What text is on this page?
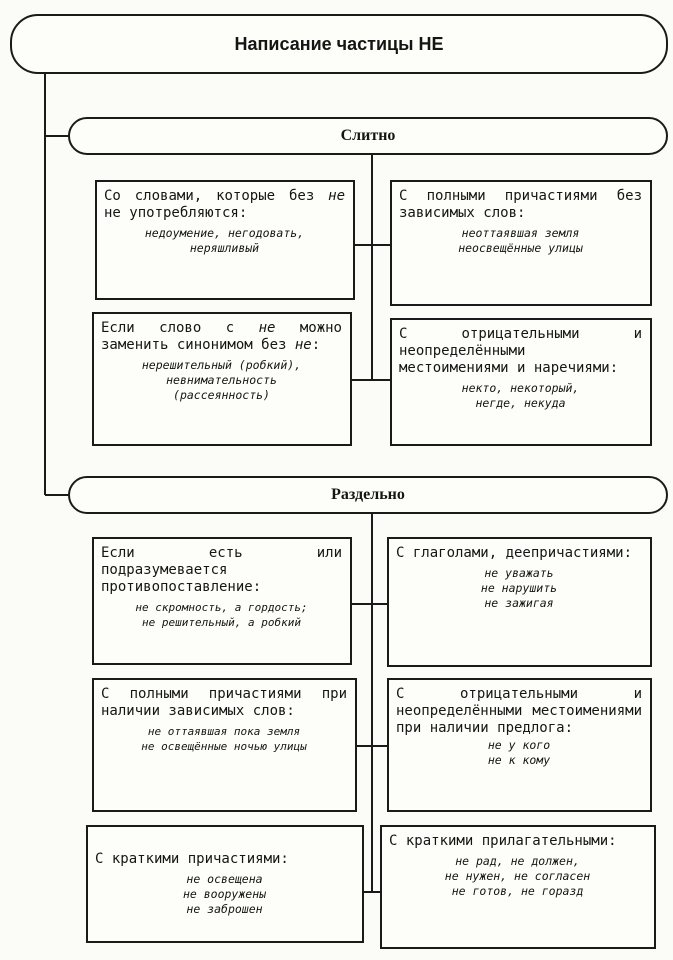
Написание частицы НЕ
Слитно
Со словами, которые без не не употребляются:
недоумение, негодовать,
неряшливый
С полными причастиями без зависимых слов:
неоттаявшая земля
неосвещённые улицы
Если слово с не можно заменить синонимом без не:
нерешительный (робкий),
невнимательность
(рассеянность)
С отрицательными и неопределёнными местоимениями и наречиями:
некто, некоторый,
негде, некуда
Раздельно
Если есть или подразумевается противопоставление:
не скромность, а гордость;
не решительный, а робкий
С глаголами, деепричастиями:
не уважать
не нарушить
не зажигая
С полными причастиями при наличии зависимых слов:
не оттаявшая пока земля
не освещённые ночью улицы
С отрицательными и неопределёнными местоимениями при наличии предлога:
не у кого
не к кому
С краткими причастиями:
не освещена
не вооружены
не заброшен
С краткими прилагательными:
не рад, не должен,
не нужен, не согласен
не готов, не горазд
